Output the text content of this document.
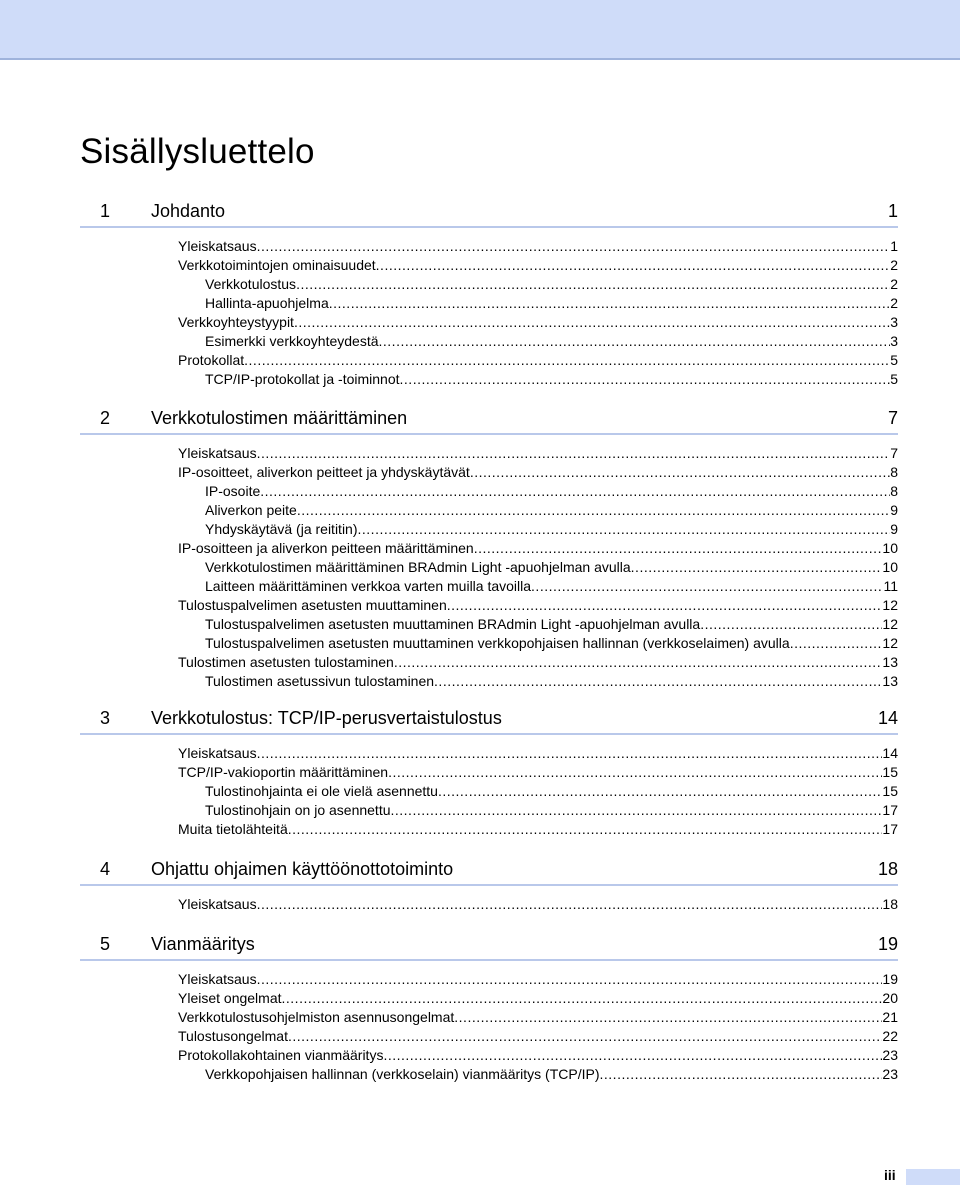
Sisällysluettelo
1 Johdanto	1
Yleiskatsaus .....	1
Verkkotoimintojen ominaisuudet .....	2
Verkkotulostus .....	2
Hallinta-apuohjelma .....	2
Verkkoyhteystyypit .....	3
Esimerkki verkkoyhteydestä .....	3
Protokollat .....	5
TCP/IP-protokollat ja -toiminnot .....	5
2 Verkkotulostimen määrittäminen	7
Yleiskatsaus .....	7
IP-osoitteet, aliverkon peitteet ja yhdyskäytävät .....	8
IP-osoite .....	8
Aliverkon peite .....	9
Yhdyskäytävä (ja reititin) .....	9
IP-osoitteen ja aliverkon peitteen määrittäminen .....	10
Verkkotulostimen määrittäminen BRAdmin Light -apuohjelman avulla .....	10
Laitteen määrittäminen verkkoa varten muilla tavoilla .....	11
Tulostuspalvelimen asetusten muuttaminen .....	12
Tulostuspalvelimen asetusten muuttaminen BRAdmin Light -apuohjelman avulla .....	12
Tulostuspalvelimen asetusten muuttaminen verkkopohjaisen hallinnan (verkkoselaimen) avulla .....	12
Tulostimen asetusten tulostaminen .....	13
Tulostimen asetussivun tulostaminen .....	13
3 Verkkotulostus: TCP/IP-perusvertaistulostus	14
Yleiskatsaus .....	14
TCP/IP-vakioportin määrittäminen .....	15
Tulostinohjainta ei ole vielä asennettu .....	15
Tulostinohjain on jo asennettu .....	17
Muita tietolähteitä .....	17
4 Ohjattu ohjaimen käyttöönottotoiminto	18
Yleiskatsaus .....	18
5 Vianmääritys	19
Yleiskatsaus .....	19
Yleiset ongelmat .....	20
Verkkotulostusohjelmiston asennusongelmat .....	21
Tulostusongelmat .....	22
Protokollakohtainen vianmääritys .....	23
Verkkopohjaisen hallinnan (verkkoselain) vianmääritys (TCP/IP) .....	23
iii
